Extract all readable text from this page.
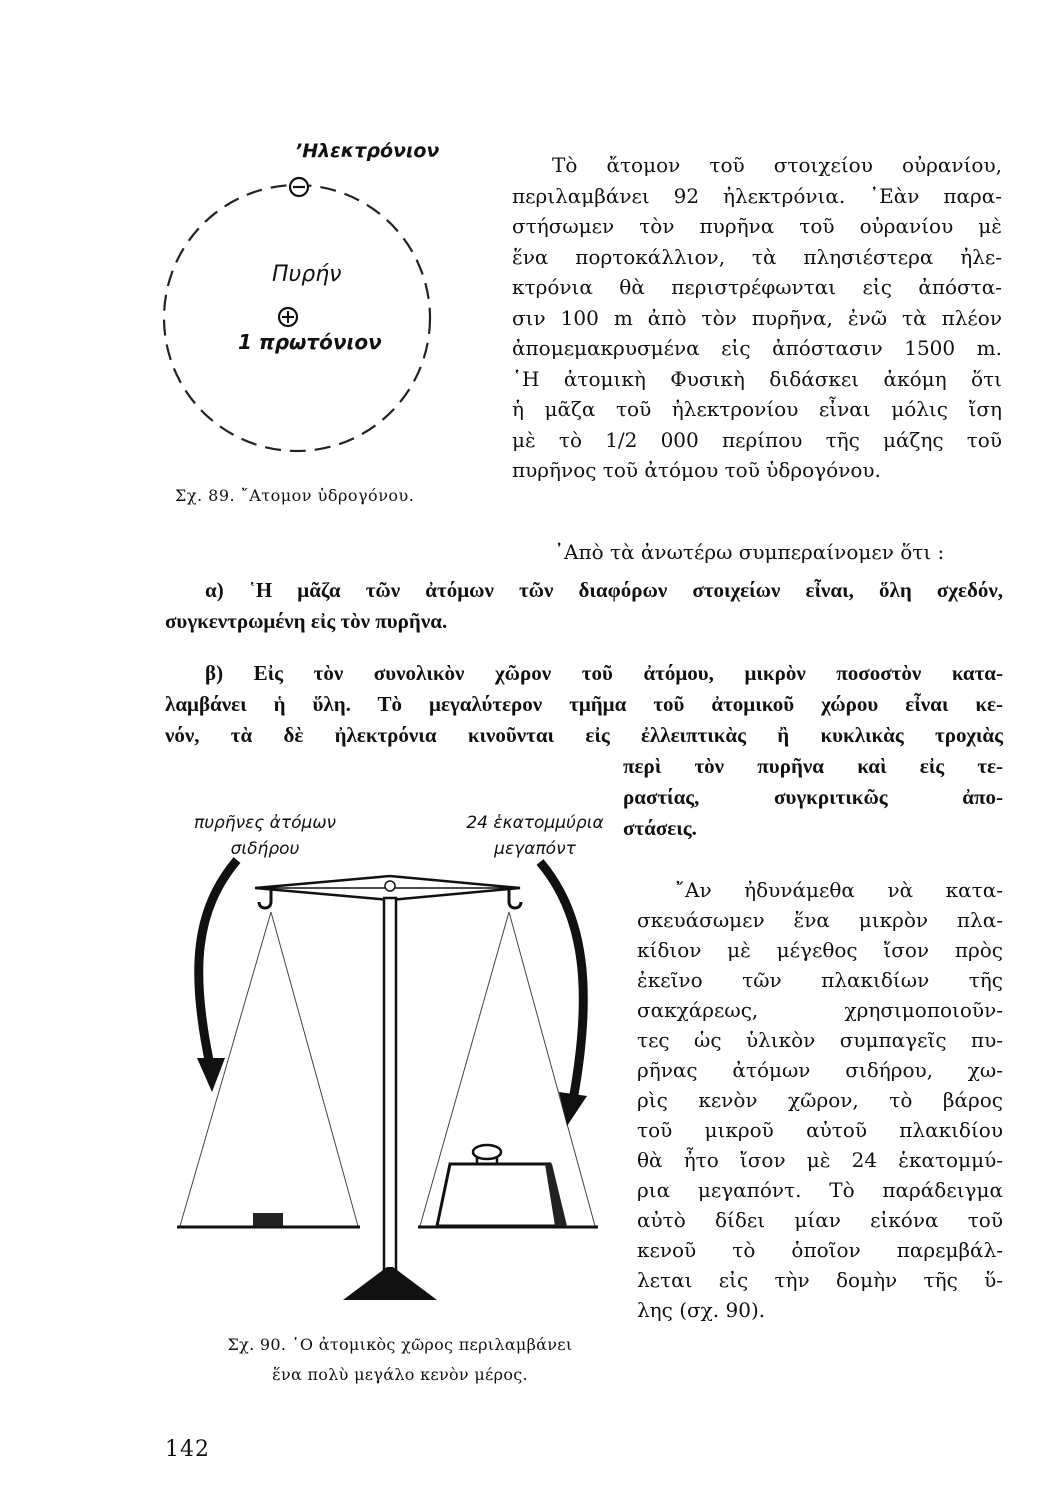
’Ηλεκτρόνιον
Πυρήν
1 πρωτόνιον
Σχ. 89. ῎Ατομον ὑδρογόνου.
Τὸ ἄτομον τοῦ στοιχείου οὐρανίου,
περιλαμβάνει 92 ἠλεκτρόνια. ᾽Εὰν παρα-
στήσωμεν τὸν πυρῆνα τοῦ οὐρανίου μὲ
ἕνα πορτοκάλλιον, τὰ πλησιέστερα ἠλε-
κτρόνια θὰ περιστρέφωνται εἰς ἀπόστα-
σιν 100 m ἀπὸ τὸν πυρῆνα, ἐνῶ τὰ πλέον
ἀπομεμακρυσμένα εἰς ἀπόστασιν 1500 m.
῾Η ἀτομικὴ Φυσικὴ διδάσκει ἀκόμη ὅτι
ἡ μᾶζα τοῦ ἠλεκτρονίου εἶναι μόλις ἴση
μὲ τὸ 1/2 000 περίπου τῆς μάζης τοῦ
πυρῆνος τοῦ ἀτόμου τοῦ ὑδρογόνου.
᾽Απὸ τὰ ἀνωτέρω συμπεραίνομεν ὅτι :
α) ῾Η μᾶζα τῶν ἀτόμων τῶν διαφόρων στοιχείων εἶναι, ὅλη σχεδόν,
συγκεντρωμένη εἰς τὸν πυρῆνα.
β) Εἰς τὸν συνολικὸν χῶρον τοῦ ἀτόμου, μικρὸν ποσοστὸν κατα-
λαμβάνει ἡ ὕλη. Τὸ μεγαλύτερον τμῆμα τοῦ ἀτομικοῦ χώρου εἶναι κε-
νόν, τὰ δὲ ἠλεκτρόνια κινοῦνται εἰς ἐλλειπτικὰς ἢ κυκλικὰς τροχιὰς
περὶ τὸν πυρῆνα καὶ εἰς τε-
ραστίας, συγκριτικῶς ἀπο-
στάσεις.
πυρῆνες ἀτόμων
σιδήρου
24 ἑκατομμύρια
μεγαπόντ
Σχ. 90. ῾Ο ἀτομικὸς χῶρος περιλαμβάνει
ἕνα πολὺ μεγάλο κενὸν μέρος.
῎Αν ἠδυνάμεθα νὰ κατα-
σκευάσωμεν ἕνα μικρὸν πλα-
κίδιον μὲ μέγεθος ἴσον πρὸς
ἐκεῖνο τῶν πλακιδίων τῆς
σακχάρεως, χρησιμοποιοῦν-
τες ὡς ὑλικὸν συμπαγεῖς πυ-
ρῆνας ἀτόμων σιδήρου, χω-
ρὶς κενὸν χῶρον, τὸ βάρος
τοῦ μικροῦ αὐτοῦ πλακιδίου
θὰ ἦτο ἴσον μὲ 24 ἑκατομμύ-
ρια μεγαπόντ. Τὸ παράδειγμα
αὐτὸ δίδει μίαν εἰκόνα τοῦ
κενοῦ τὸ ὁποῖον παρεμβάλ-
λεται εἰς τὴν δομὴν τῆς ὕ-
λης (σχ. 90).
142
